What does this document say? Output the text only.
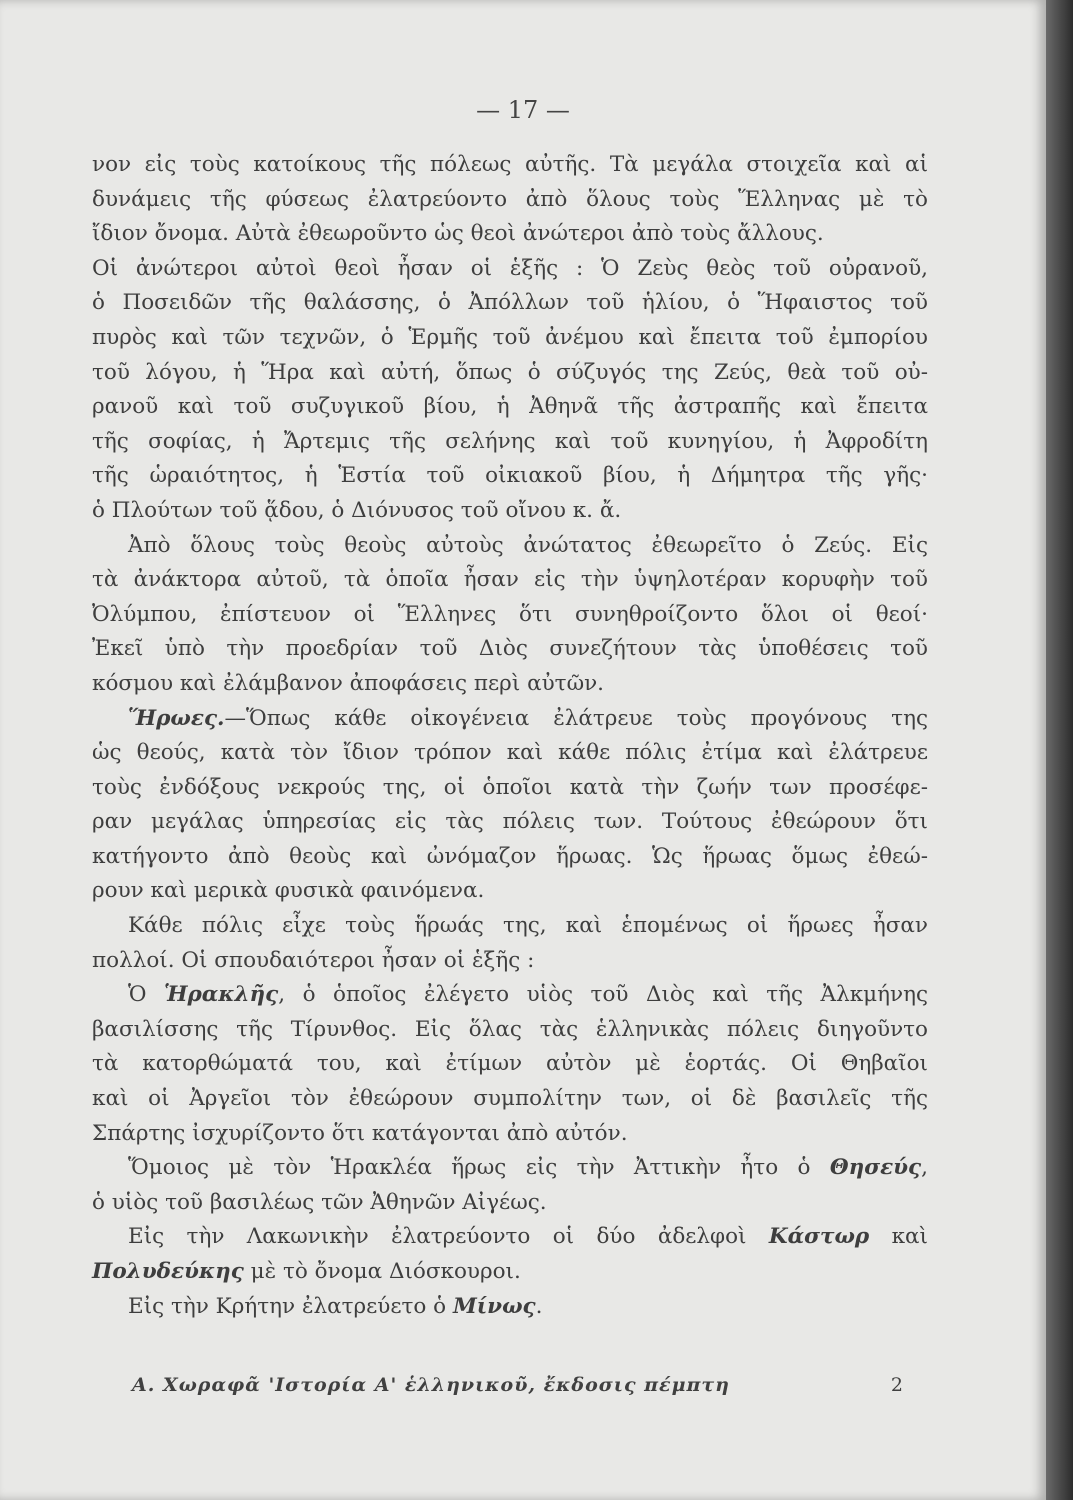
— 17 —
νον εἰς τοὺς κατοίκους τῆς πόλεως αὐτῆς. Τὰ μεγάλα στοιχεῖα καὶ αἱ
δυνάμεις τῆς φύσεως ἐλατρεύοντο ἀπὸ ὅλους τοὺς Ἕλληνας μὲ τὸ
ἴδιον ὄνομα. Αὐτὰ ἐθεωροῦντο ὡς θεοὶ ἀνώτεροι ἀπὸ τοὺς ἄλλους.
Οἱ ἀνώτεροι αὐτοὶ θεοὶ ἦσαν οἱ ἑξῆς : Ὁ Ζεὺς θεὸς τοῦ οὐρανοῦ,
ὁ Ποσειδῶν τῆς θαλάσσης, ὁ Ἀπόλλων τοῦ ἡλίου, ὁ Ἥφαιστος τοῦ
πυρὸς καὶ τῶν τεχνῶν, ὁ Ἑρμῆς τοῦ ἀνέμου καὶ ἔπειτα τοῦ ἐμπορίου
τοῦ λόγου, ἡ Ἥρα καὶ αὐτή, ὅπως ὁ σύζυγός της Ζεύς, θεὰ τοῦ οὐ-
ρανοῦ καὶ τοῦ συζυγικοῦ βίου, ἡ Ἀθηνᾶ τῆς ἀστραπῆς καὶ ἔπειτα
τῆς σοφίας, ἡ Ἄρτεμις τῆς σελήνης καὶ τοῦ κυνηγίου, ἡ Ἀφροδίτη
τῆς ὡραιότητος, ἡ Ἑστία τοῦ οἰκιακοῦ βίου, ἡ Δήμητρα τῆς γῆς·
ὁ Πλούτων τοῦ ᾅδου, ὁ Διόνυσος τοῦ οἴνου κ. ἄ.
Ἀπὸ ὅλους τοὺς θεοὺς αὐτοὺς ἀνώτατος ἐθεωρεῖτο ὁ Ζεύς. Εἰς
τὰ ἀνάκτορα αὐτοῦ, τὰ ὁποῖα ἦσαν εἰς τὴν ὑψηλοτέραν κορυφὴν τοῦ
Ὀλύμπου, ἐπίστευον οἱ Ἕλληνες ὅτι συνηθροίζοντο ὅλοι οἱ θεοί·
Ἐκεῖ ὑπὸ τὴν προεδρίαν τοῦ Διὸς συνεζήτουν τὰς ὑποθέσεις τοῦ
κόσμου καὶ ἐλάμβανον ἀποφάσεις περὶ αὐτῶν.
Ἥρωες.—Ὅπως κάθε οἰκογένεια ἐλάτρευε τοὺς προγόνους της
ὡς θεούς, κατὰ τὸν ἴδιον τρόπον καὶ κάθε πόλις ἐτίμα καὶ ἐλάτρευε
τοὺς ἐνδόξους νεκρούς της, οἱ ὁποῖοι κατὰ τὴν ζωήν των προσέφε-
ραν μεγάλας ὑπηρεσίας εἰς τὰς πόλεις των. Τούτους ἐθεώρουν ὅτι
κατήγοντο ἀπὸ θεοὺς καὶ ὠνόμαζον ἥρωας. Ὡς ἥρωας ὅμως ἐθεώ-
ρουν καὶ μερικὰ φυσικὰ φαινόμενα.
Κάθε πόλις εἶχε τοὺς ἥρωάς της, καὶ ἑπομένως οἱ ἥρωες ἦσαν
πολλοί. Οἱ σπουδαιότεροι ἦσαν οἱ ἑξῆς :
Ὁ Ἡρακλῆς, ὁ ὁποῖος ἐλέγετο υἱὸς τοῦ Διὸς καὶ τῆς Ἀλκμήνης
βασιλίσσης τῆς Τίρυνθος. Εἰς ὅλας τὰς ἑλληνικὰς πόλεις διηγοῦντο
τὰ κατορθώματά του, καὶ ἐτίμων αὐτὸν μὲ ἑορτάς. Οἱ Θηβαῖοι
καὶ οἱ Ἀργεῖοι τὸν ἐθεώρουν συμπολίτην των, οἱ δὲ βασιλεῖς τῆς
Σπάρτης ἰσχυρίζοντο ὅτι κατάγονται ἀπὸ αὐτόν.
Ὅμοιος μὲ τὸν Ἡρακλέα ἥρως εἰς τὴν Ἀττικὴν ἦτο ὁ Θησεύς,
ὁ υἱὸς τοῦ βασιλέως τῶν Ἀθηνῶν Αἰγέως.
Εἰς τὴν Λακωνικὴν ἐλατρεύοντο οἱ δύο ἀδελφοὶ Κάστωρ καὶ
Πολυδεύκης μὲ τὸ ὄνομα Διόσκουροι.
Εἰς τὴν Κρήτην ἐλατρεύετο ὁ Μίνως.
Α. Χωραφᾶ 'Ιστορία Α' ἑλληνικοῦ, ἔκδοσις πέμπτη	2
